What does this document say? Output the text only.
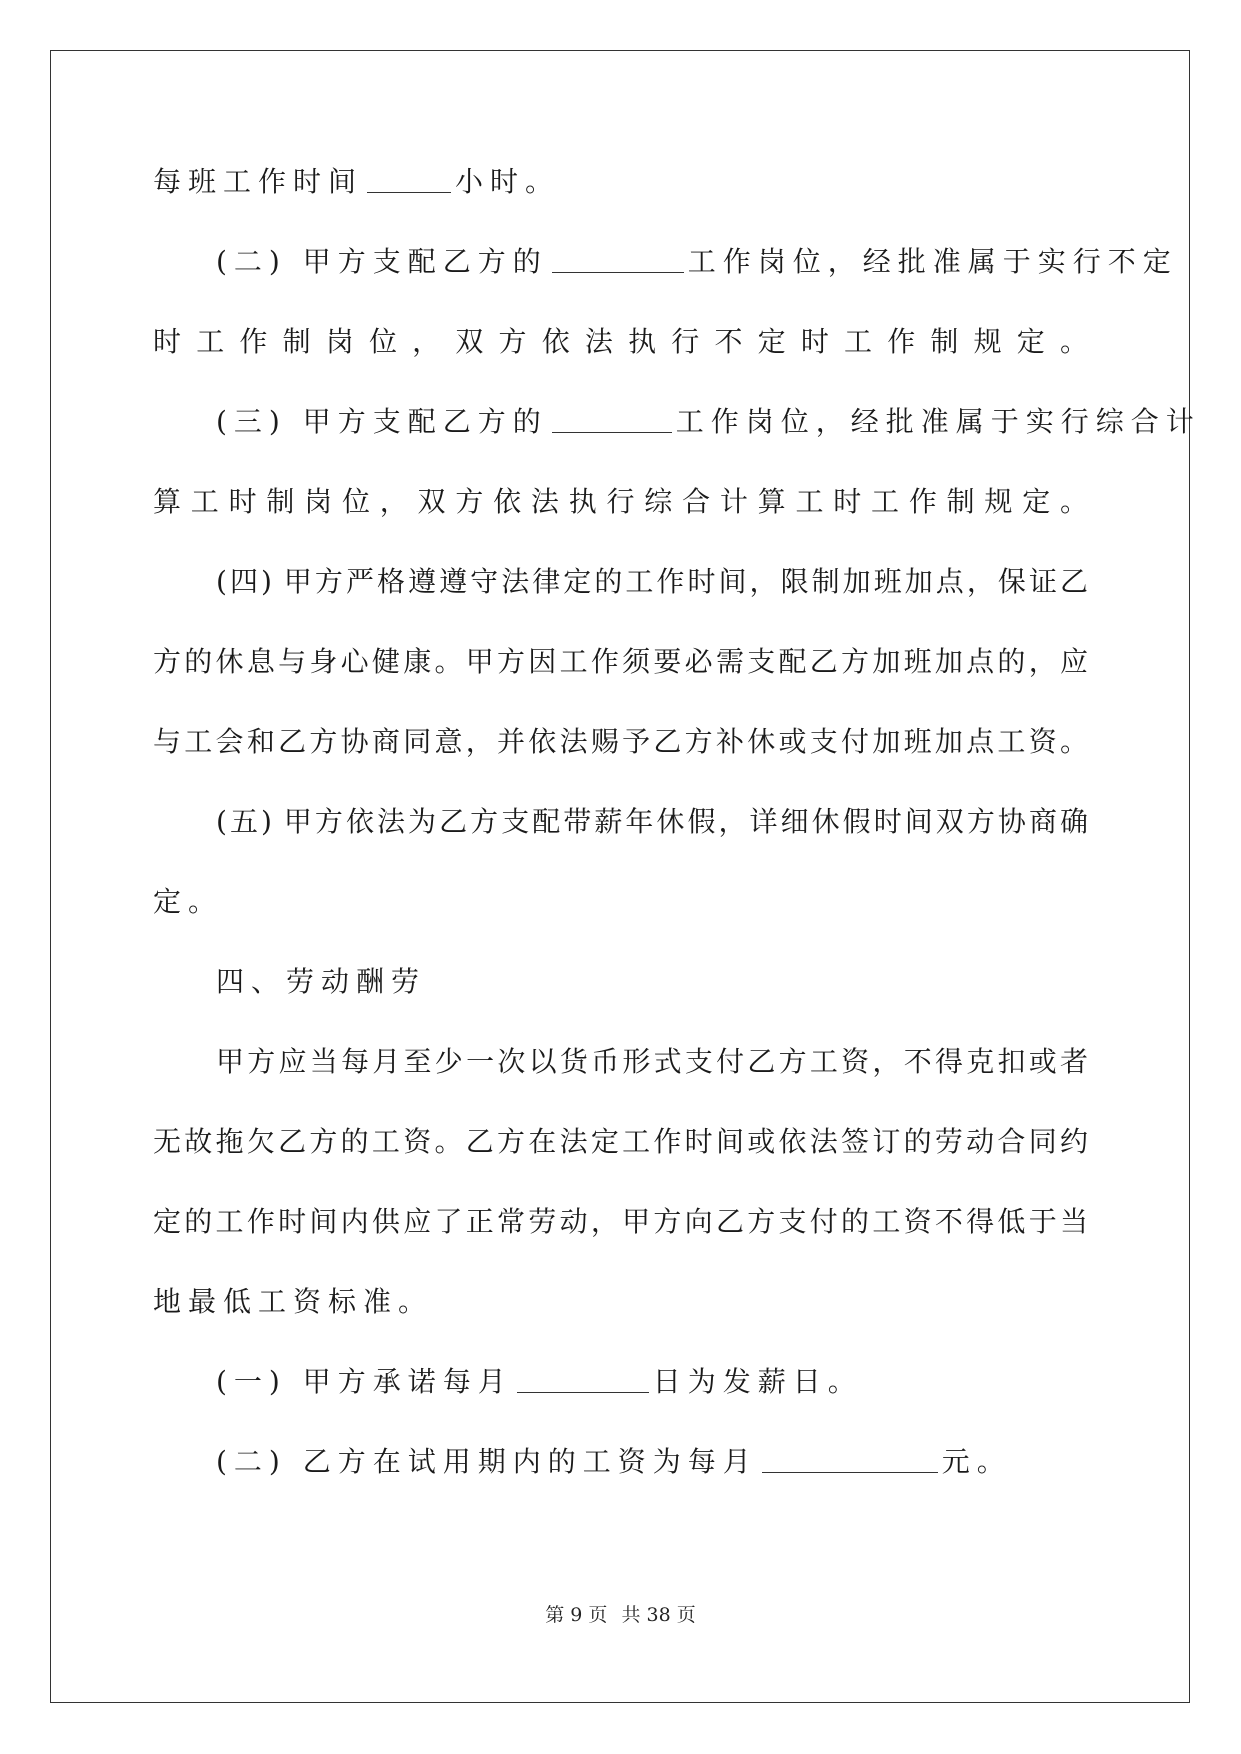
每班工作时间	小时。
(二) 甲方支配乙方的	工作岗位，经批准属于实行不定
时工作制岗位，双方依法执行不定时工作制规定。
(三) 甲方支配乙方的	工作岗位，经批准属于实行综合计
算工时制岗位，双方依法执行综合计算工时工作制规定。
(四) 甲方严格遵遵守法律定的工作时间，限制加班加点，保证乙
方的休息与身心健康。甲方因工作须要必需支配乙方加班加点的，应
与工会和乙方协商同意，并依法赐予乙方补休或支付加班加点工资。
(五) 甲方依法为乙方支配带薪年休假，详细休假时间双方协商确
定。
四、劳动酬劳
甲方应当每月至少一次以货币形式支付乙方工资，不得克扣或者
无故拖欠乙方的工资。乙方在法定工作时间或依法签订的劳动合同约
定的工作时间内供应了正常劳动，甲方向乙方支付的工资不得低于当
地最低工资标准。
(一) 甲方承诺每月	日为发薪日。
(二) 乙方在试用期内的工资为每月	元。
第 9 页 共 38 页
